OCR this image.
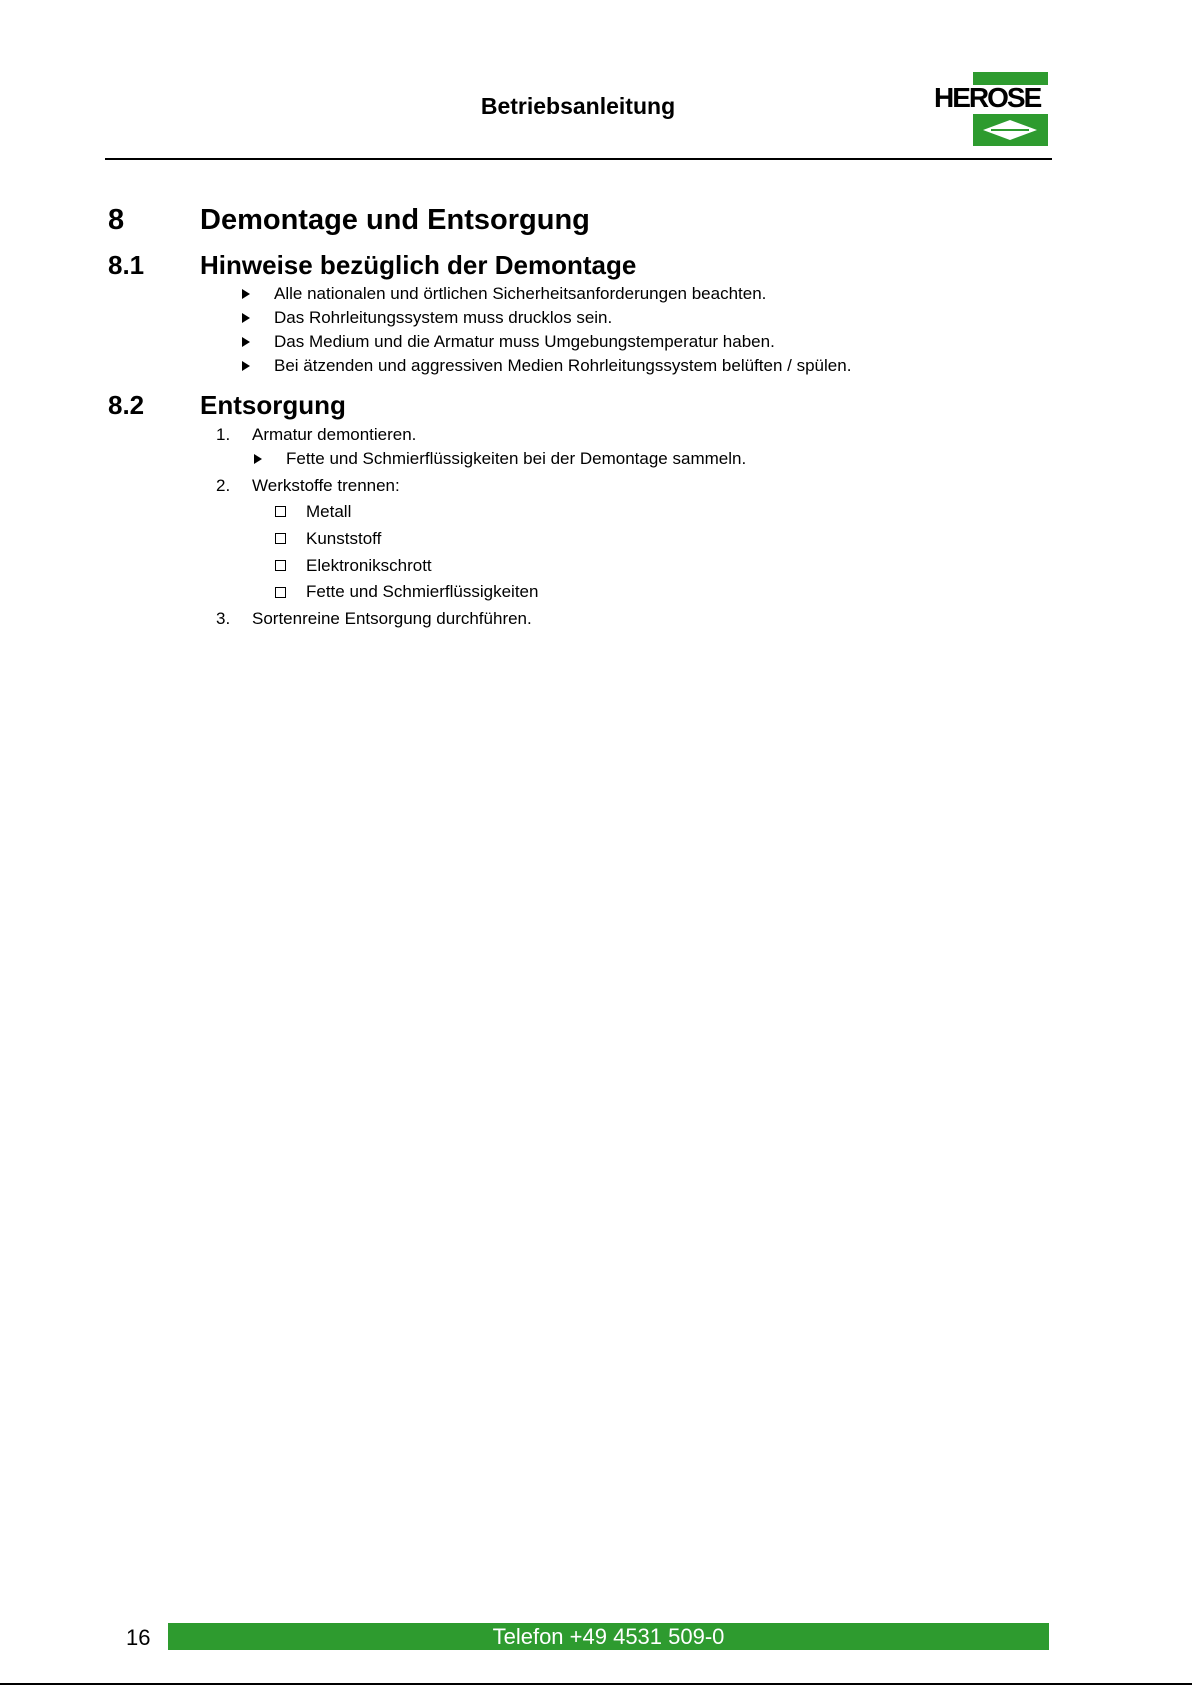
Betriebsanleitung	HEROSE
8	Demontage und Entsorgung
8.1 Hinweise bezüglich der Demontage
Alle nationalen und örtlichen Sicherheitsanforderungen beachten.
Das Rohrleitungssystem muss drucklos sein.
Das Medium und die Armatur muss Umgebungstemperatur haben.
Bei ätzenden und aggressiven Medien Rohrleitungssystem belüften / spülen.
8.2 Entsorgung
1. Armatur demontieren.
Fette und Schmierflüssigkeiten bei der Demontage sammeln.
2. Werkstoffe trennen:
Metall
Kunststoff
Elektronikschrott
Fette und Schmierflüssigkeiten
3. Sortenreine Entsorgung durchführen.
16	Telefon +49 4531 509-0
